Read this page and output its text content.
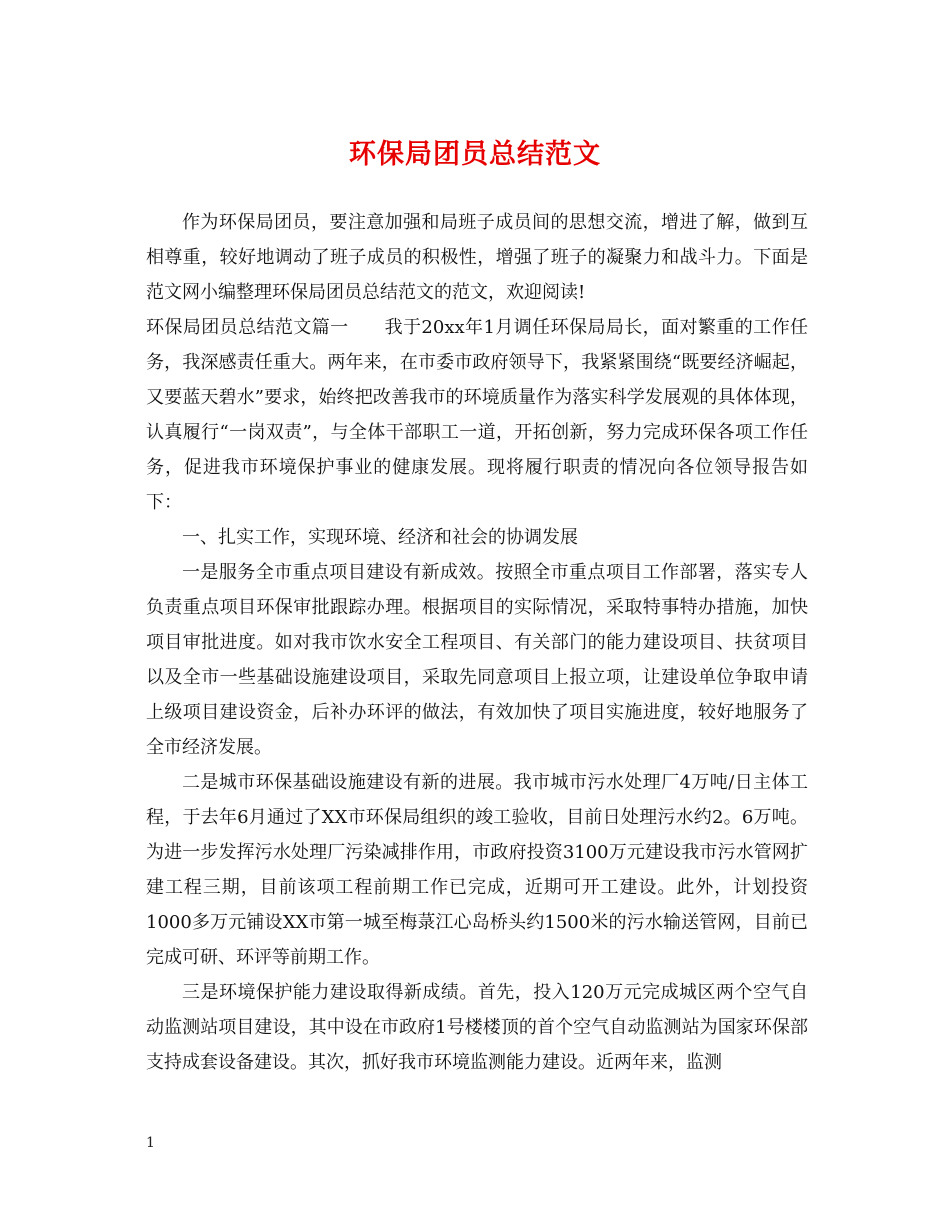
环保局团员总结范文

作为环保局团员，要注意加强和局班子成员间的思想交流，增进了解，做到互相尊重，较好地调动了班子成员的积极性，增强了班子的凝聚力和战斗力。下面是范文网小编整理环保局团员总结范文的范文，欢迎阅读!

环保局团员总结范文篇一 我于20xx年1月调任环保局局长，面对繁重的工作任务，我深感责任重大。两年来，在市委市政府领导下，我紧紧围绕“既要经济崛起，又要蓝天碧水”要求，始终把改善我市的环境质量作为落实科学发展观的具体体现，认真履行“一岗双责”，与全体干部职工一道，开拓创新，努力完成环保各项工作任务，促进我市环境保护事业的健康发展。现将履行职责的情况向各位领导报告如下：

一、扎实工作，实现环境、经济和社会的协调发展

一是服务全市重点项目建设有新成效。按照全市重点项目工作部署，落实专人负责重点项目环保审批跟踪办理。根据项目的实际情况，采取特事特办措施，加快项目审批进度。如对我市饮水安全工程项目、有关部门的能力建设项目、扶贫项目以及全市一些基础设施建设项目，采取先同意项目上报立项，让建设单位争取申请上级项目建设资金，后补办环评的做法，有效加快了项目实施进度，较好地服务了全市经济发展。

二是城市环保基础设施建设有新的进展。我市城市污水处理厂4万吨/日主体工程，于去年6月通过了XX市环保局组织的竣工验收，目前日处理污水约2。6万吨。为进一步发挥污水处理厂污染减排作用，市政府投资3100万元建设我市污水管网扩建工程三期，目前该项工程前期工作已完成，近期可开工建设。此外，计划投资1000多万元铺设XX市第一城至梅菉江心岛桥头约1500米的污水输送管网，目前已完成可研、环评等前期工作。

三是环境保护能力建设取得新成绩。首先，投入120万元完成城区两个空气自动监测站项目建设，其中设在市政府1号楼楼顶的首个空气自动监测站为国家环保部支持成套设备建设。其次，抓好我市环境监测能力建设。近两年来，监测

1
